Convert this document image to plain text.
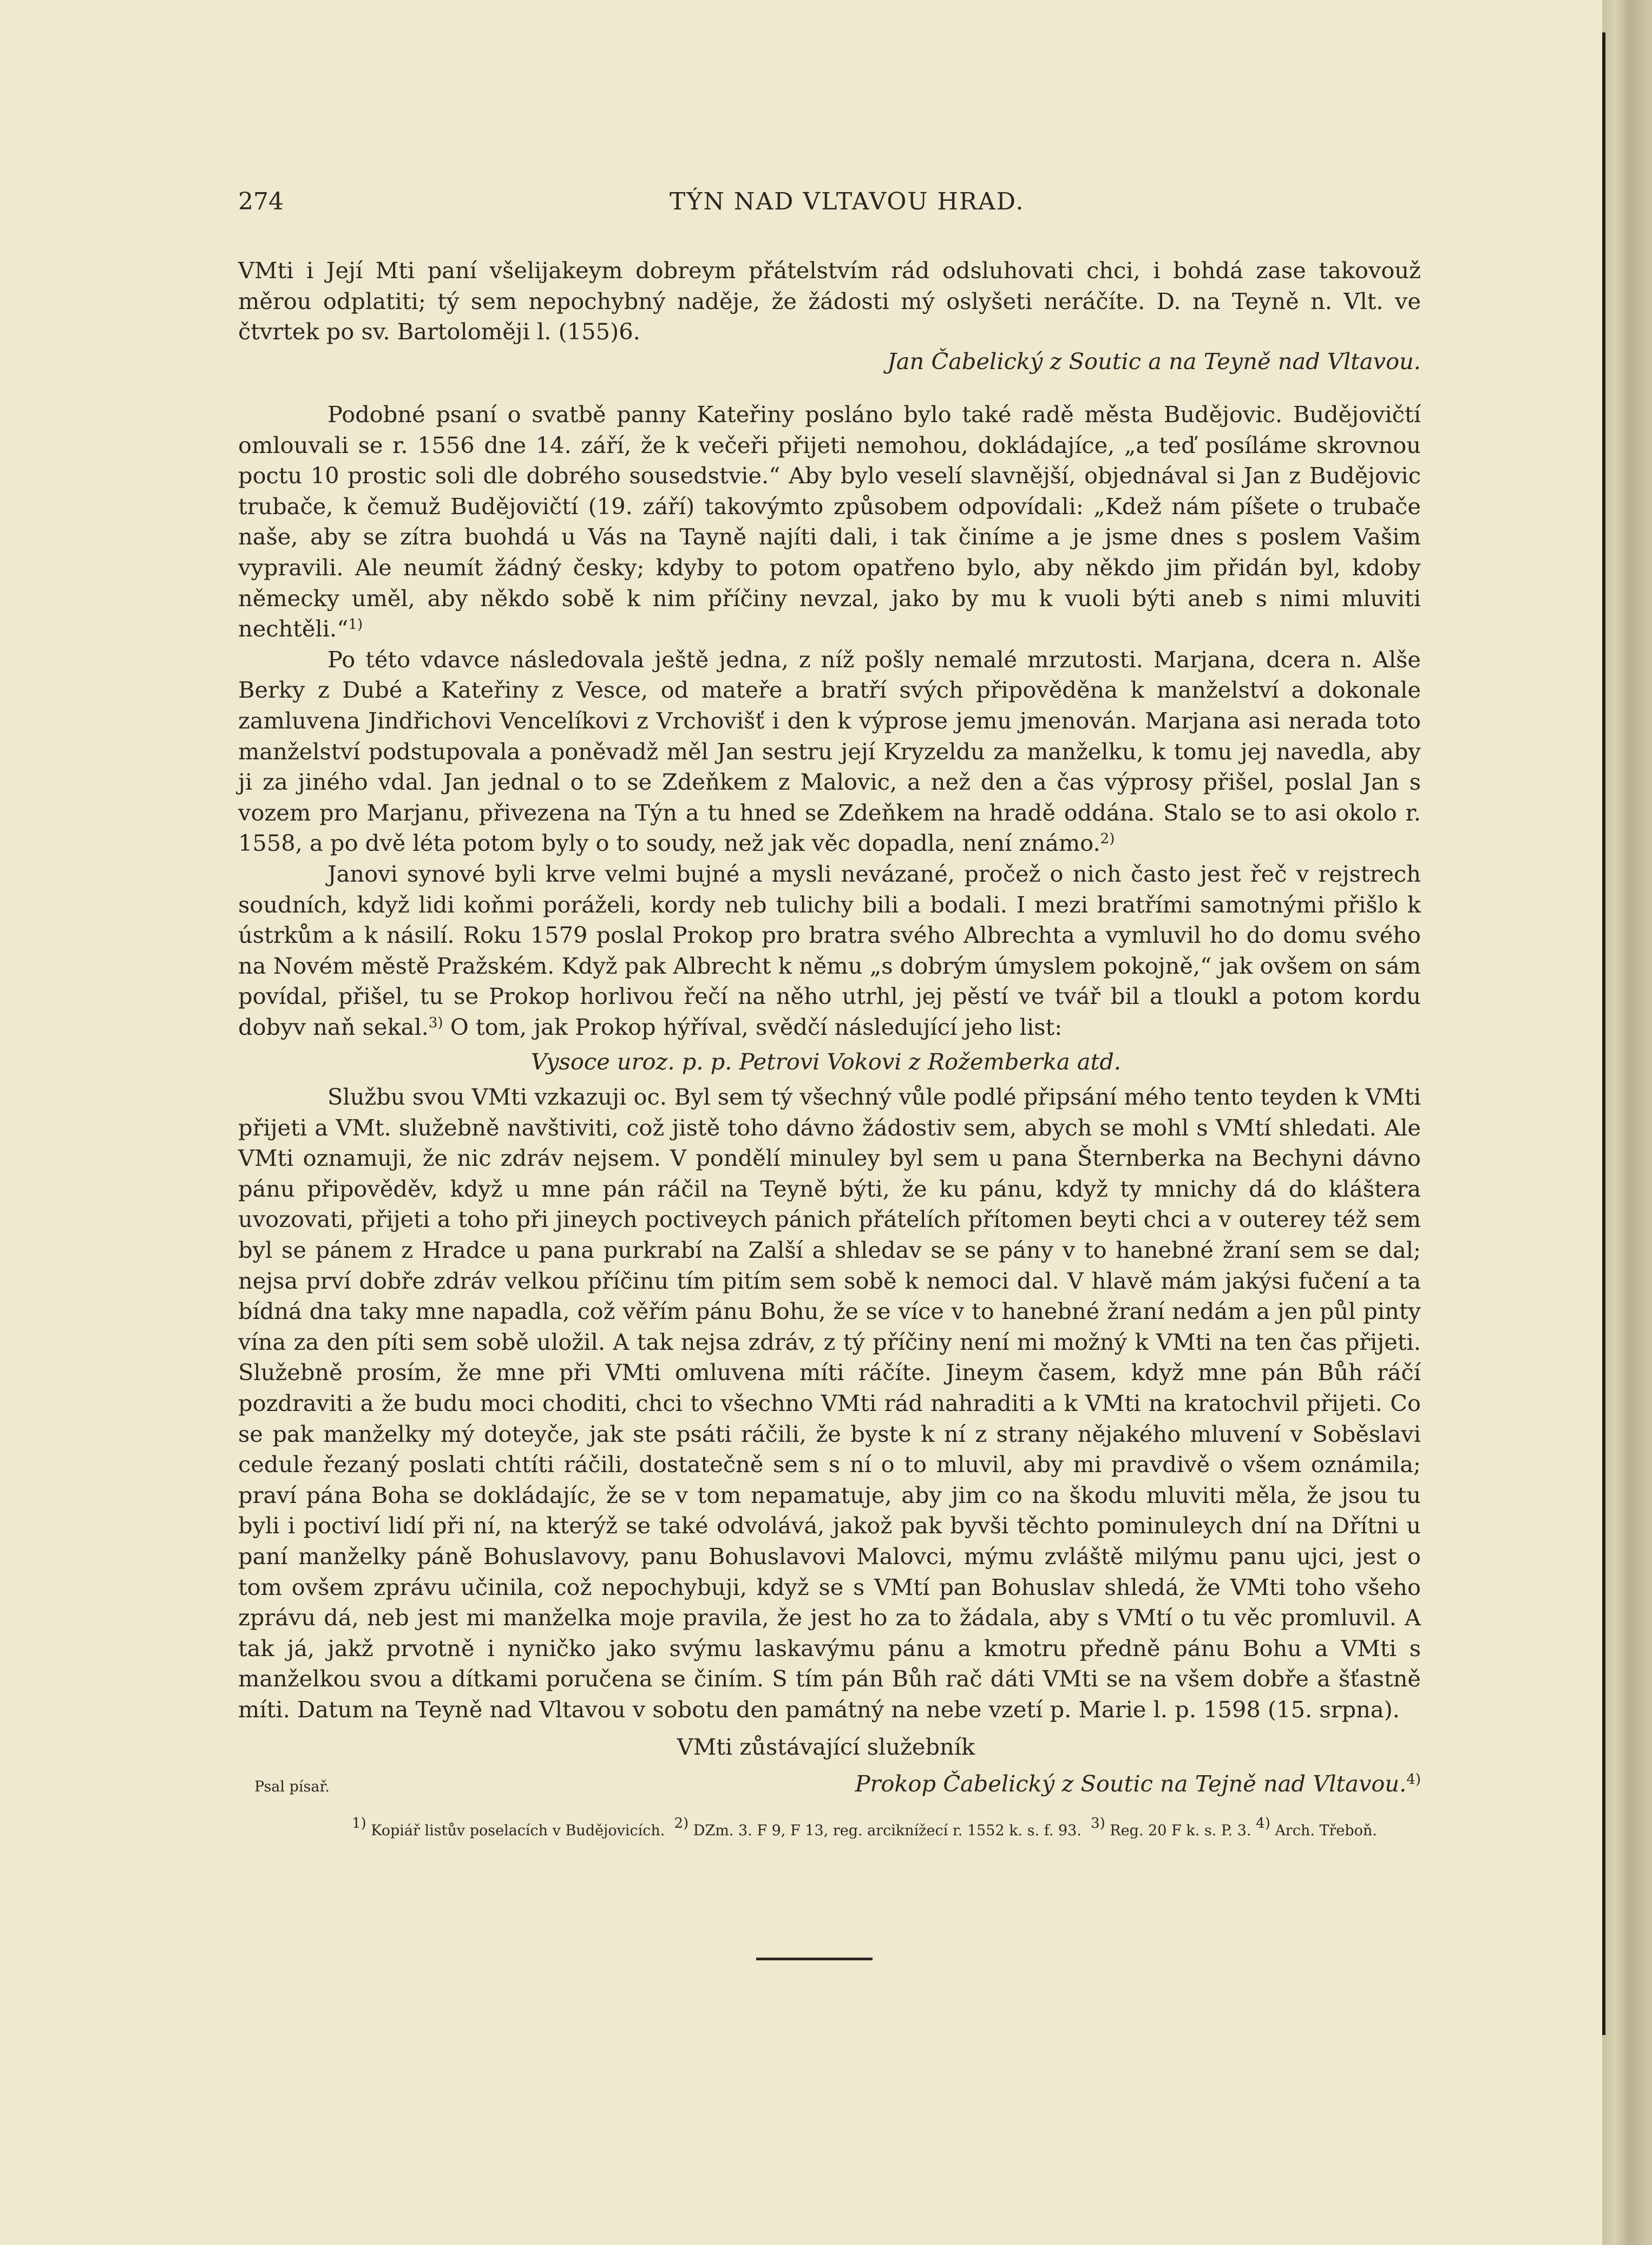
274	TÝN NAD VLTAVOU HRAD.

VMti i Její Mti paní všelijakeym dobreym přátelstvím rád odsluhovati chci, i bohdá zase takovouž měrou odplatiti; tý sem nepochybný naděje, že žádosti mý oslyšeti neráčíte. D. na Teyně n. Vlt. ve čtvrtek po sv. Bartoloměji l. (155)6.

Jan Čabelický z Soutic a na Teyně nad Vltavou.

Podobné psaní o svatbě panny Kateřiny posláno bylo také radě města Budějovic. Budějovičtí omlouvali se r. 1556 dne 14. září, že k večeři přijeti nemohou, dokládajíce, „a teď posíláme skrovnou poctu 10 prostic soli dle dobrého sousedstvie.“ Aby bylo veselí slavnější, objednával si Jan z Budějovic trubače, k čemuž Budějovičtí (19. září) takovýmto způsobem odpovídali: „Kdež nám píšete o trubače naše, aby se zítra buohdá u Vás na Tayně najíti dali, i tak činíme a je jsme dnes s poslem Vašim vypravili. Ale neumít žádný česky; kdyby to potom opatřeno bylo, aby někdo jim přidán byl, kdoby německy uměl, aby někdo sobě k nim příčiny nevzal, jako by mu k vuoli býti aneb s nimi mluviti nechtěli.“$^{1)}$

Po této vdavce následovala ještě jedna, z níž pošly nemalé mrzutosti. Marjana, dcera n. Alše Berky z Dubé a Kateřiny z Vesce, od mateře a bratří svých připověděna k manželství a dokonale zamluvena Jindřichovi Vencelíkovi z Vrchovišť i den k výprose jemu jmenován. Marjana asi nerada toto manželství podstupovala a poněvadž měl Jan sestru její Kryzeldu za manželku, k tomu jej navedla, aby ji za jiného vdal. Jan jednal o to se Zdeňkem z Malovic, a než den a čas výprosy přišel, poslal Jan s vozem pro Marjanu, přivezena na Týn a tu hned se Zdeňkem na hradě oddána. Stalo se to asi okolo r. 1558, a po dvě léta potom byly o to soudy, než jak věc dopadla, není známo.$^{2)}$

Janovi synové byli krve velmi bujné a mysli nevázané, pročež o nich často jest řeč v rejstrech soudních, když lidi koňmi poráželi, kordy neb tulichy bili a bodali. I mezi bratřími samotnými přišlo k ústrkům a k násilí. Roku 1579 poslal Prokop pro bratra svého Albrechta a vymluvil ho do domu svého na Novém městě Pražském. Když pak Albrecht k němu „s dobrým úmyslem pokojně,“ jak ovšem on sám povídal, přišel, tu se Prokop horlivou řečí na něho utrhl, jej pěstí ve tvář bil a tloukl a potom kordu dobyv naň sekal.$^{3)}$ O tom, jak Prokop hýříval, svědčí následující jeho list:

Vysoce uroz. p. p. Petrovi Vokovi z Rožemberka atd.

Službu svou VMti vzkazuji oc. Byl sem tý všechný vůle podlé připsání mého tento teyden k VMti přijeti a VMt. služebně navštiviti, což jistě toho dávno žádostiv sem, abych se mohl s VMtí shledati. Ale VMti oznamuji, že nic zdráv nejsem. V pondělí minuley byl sem u pana Šternberka na Bechyni dávno pánu připověděv, když u mne pán ráčil na Teyně býti, že ku pánu, když ty mnichy dá do kláštera uvozovati, přijeti a toho při jineych poctiveych pánich přátelích přítomen beyti chci a v outerey též sem byl se pánem z Hradce u pana purkrabí na Zalší a shledav se se pány v to hanebné žraní sem se dal; nejsa prví dobře zdráv velkou příčinu tím pitím sem sobě k nemoci dal. V hlavě mám jakýsi fučení a ta bídná dna taky mne napadla, což věřím pánu Bohu, že se více v to hanebné žraní nedám a jen půl pinty vína za den píti sem sobě uložil. A tak nejsa zdráv, z tý příčiny není mi možný k VMti na ten čas přijeti. Služebně prosím, že mne při VMti omluvena míti ráčíte. Jineym časem, když mne pán Bůh ráčí pozdraviti a že budu moci choditi, chci to všechno VMti rád nahraditi a k VMti na kratochvil přijeti. Co se pak manželky mý doteyče, jak ste psáti ráčili, že byste k ní z strany nějakého mluvení v Soběslavi cedule řezaný poslati chtíti ráčili, dostatečně sem s ní o to mluvil, aby mi pravdivě o všem oznámila; praví pána Boha se dokládajíc, že se v tom nepamatuje, aby jim co na škodu mluviti měla, že jsou tu byli i poctiví lidí při ní, na kterýž se také odvolává, jakož pak byvši těchto pominuleych dní na Dřítni u paní manželky páně Bohuslavovy, panu Bohuslavovi Malovci, mýmu zvláště milýmu panu ujci, jest o tom ovšem zprávu učinila, což nepochybuji, když se s VMtí pan Bohuslav shledá, že VMti toho všeho zprávu dá, neb jest mi manželka moje pravila, že jest ho za to žádala, aby s VMtí o tu věc promluvil. A tak já, jakž prvotně i nyničko jako svýmu laskavýmu pánu a kmotru předně pánu Bohu a VMti s manželkou svou a dítkami poručena se činím. S tím pán Bůh rač dáti VMti se na všem dobře a šťastně míti. Datum na Teyně nad Vltavou v sobotu den památný na nebe vzetí p. Marie l. p. 1598 (15. srpna).

VMti zůstávající služebník
Psal písař.	Prokop Čabelický z Soutic na Tejně nad Vltavou.$^{4)}$

$^{1)}$ Kopiář listův poselacích v Budějovicích. $^{2)}$ DZm. 3. F 9, F 13, reg. arciknížecí r. 1552 k. s. f. 93. $^{3)}$ Reg. 20 F k. s. P. 3. $^{4)}$ Arch. Třeboň.
